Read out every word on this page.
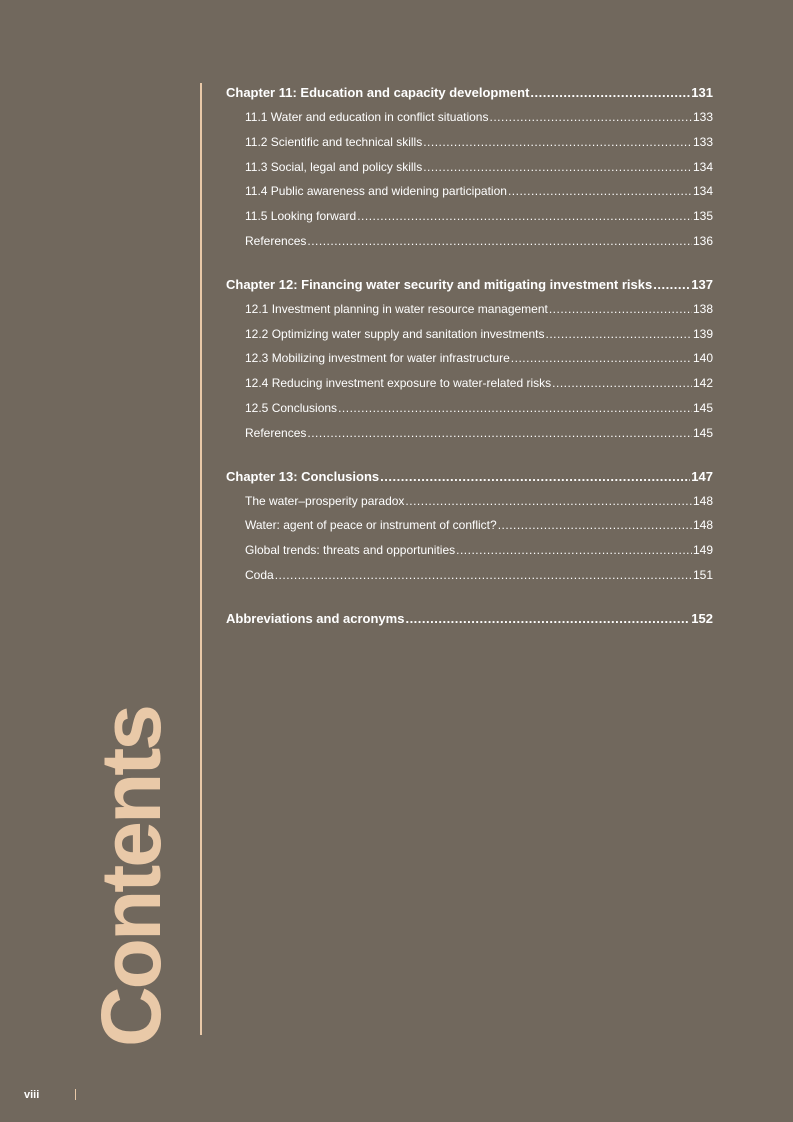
Contents
Chapter 11: Education and capacity development .....	131
11.1 Water and education in conflict situations .....	133
11.2 Scientific and technical skills .....	133
11.3 Social, legal and policy skills .....	134
11.4 Public awareness and widening participation .....	134
11.5 Looking forward .....	135
References .....	136
Chapter 12: Financing water security and mitigating investment risks .....	137
12.1 Investment planning in water resource management .....	138
12.2 Optimizing water supply and sanitation investments .....	139
12.3 Mobilizing investment for water infrastructure .....	140
12.4 Reducing investment exposure to water-related risks .....	142
12.5 Conclusions .....	145
References .....	145
Chapter 13: Conclusions .....	147
The water–prosperity paradox .....	148
Water: agent of peace or instrument of conflict? .....	148
Global trends: threats and opportunities .....	149
Coda .....	151
Abbreviations and acronyms .....	152
viii
